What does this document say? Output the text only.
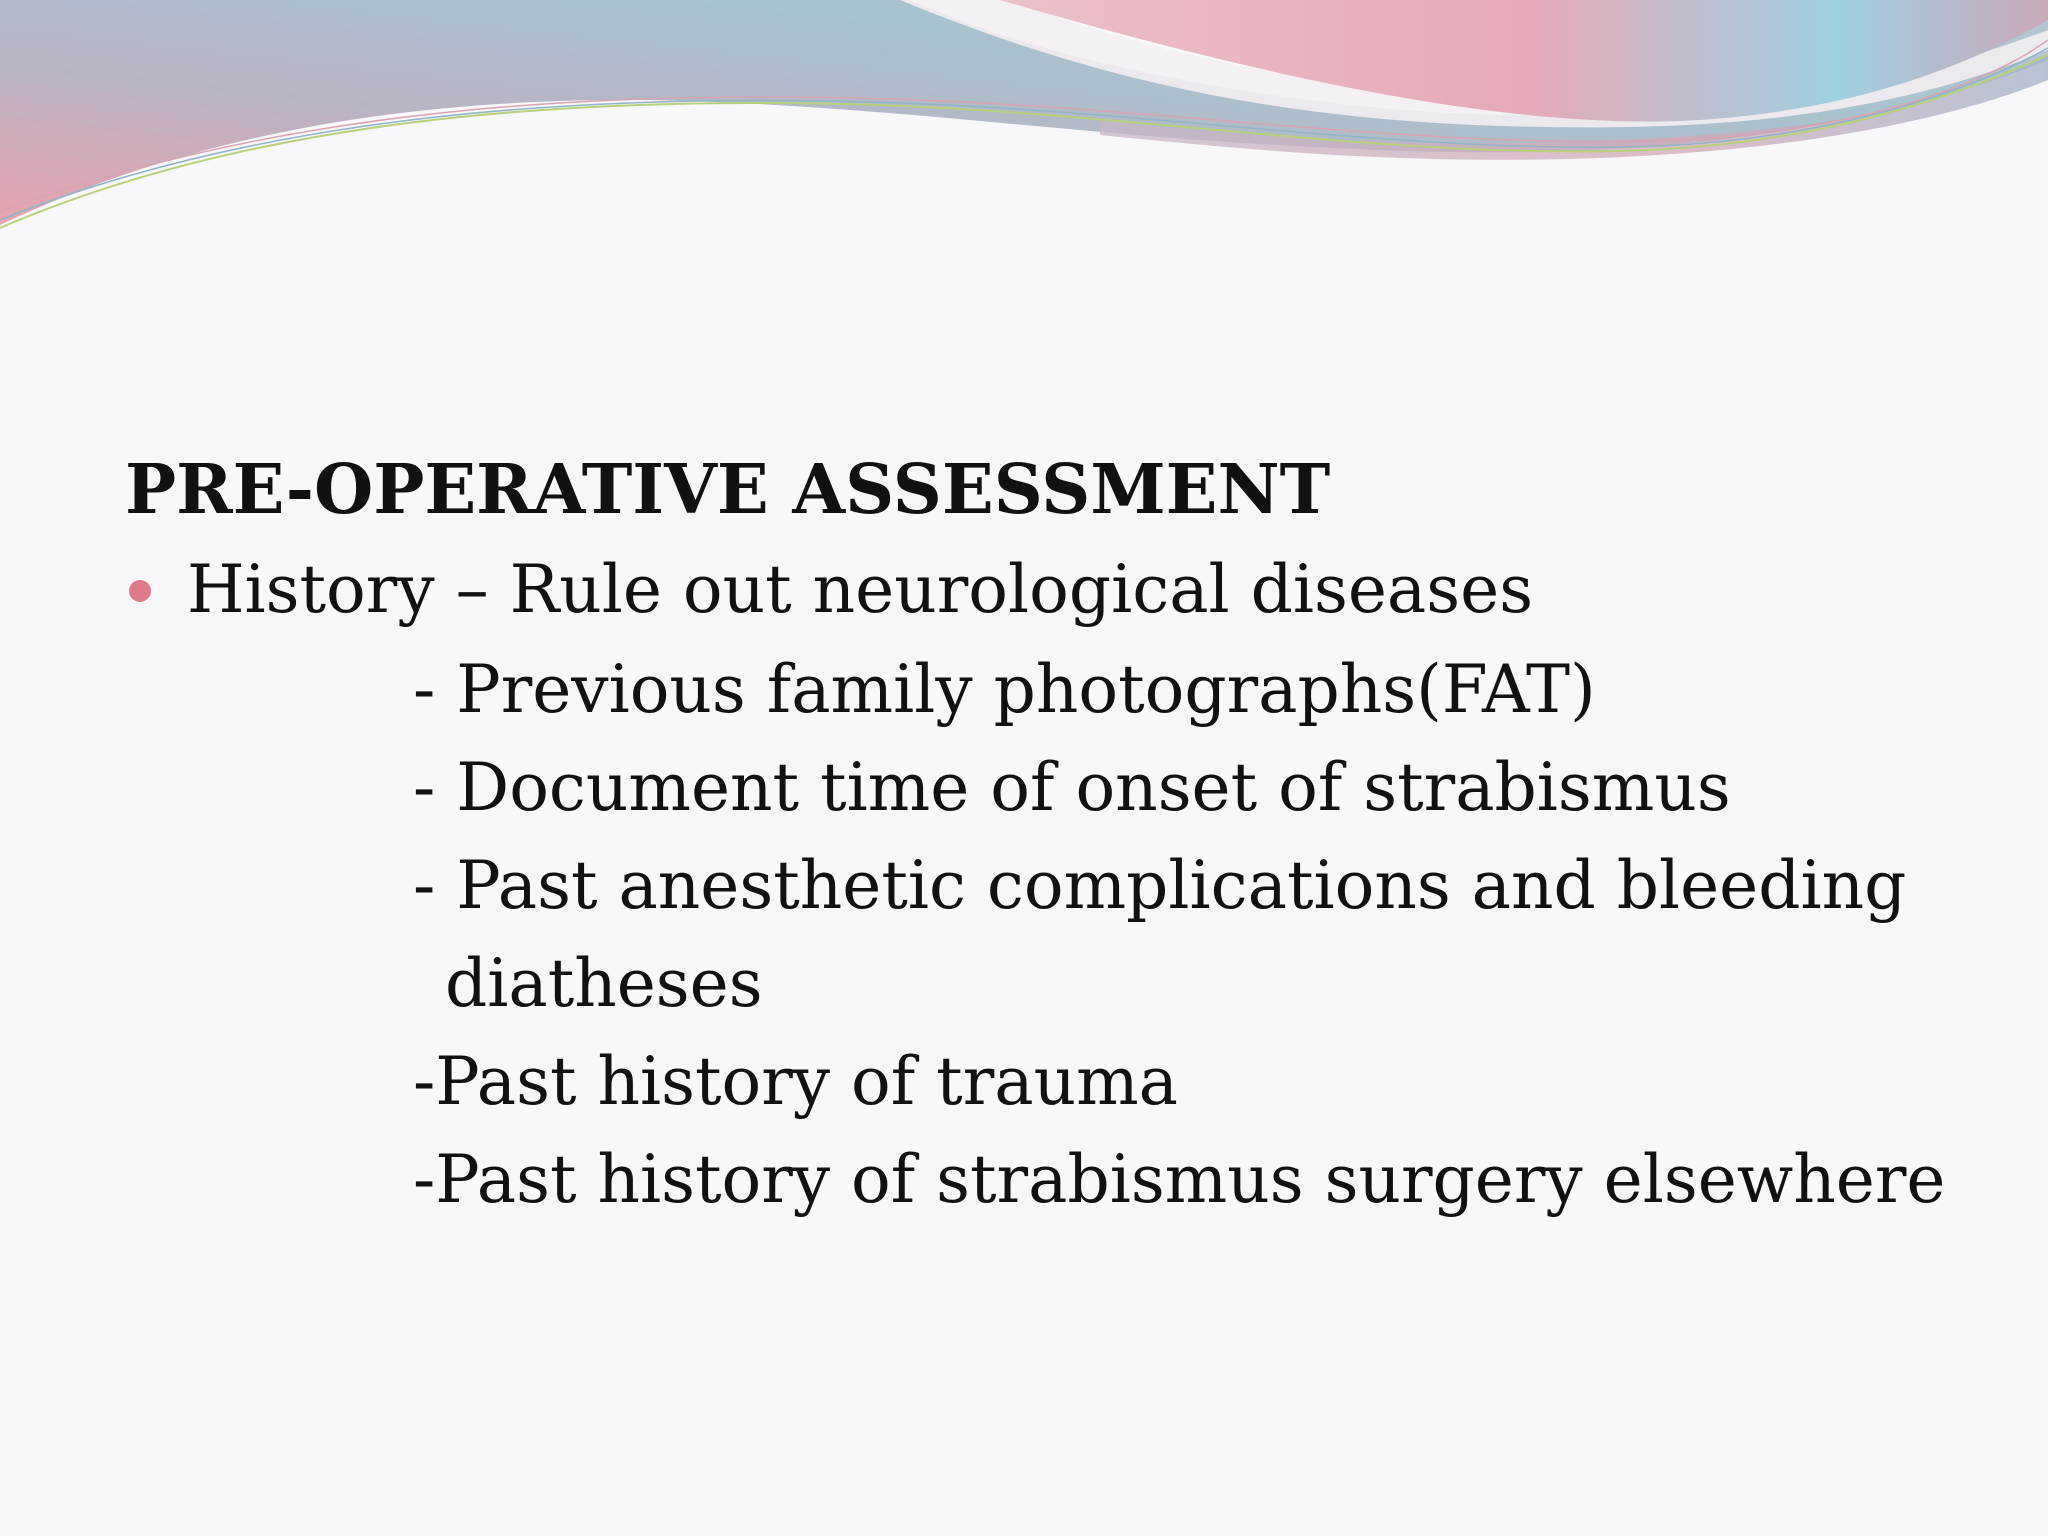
PRE-OPERATIVE ASSESSMENT
History – Rule out neurological diseases

- Previous family photographs(FAT)

- Document time of onset of strabismus

- Past anesthetic complications and bleeding

diatheses

-Past history of trauma

-Past history of strabismus surgery elsewhere
